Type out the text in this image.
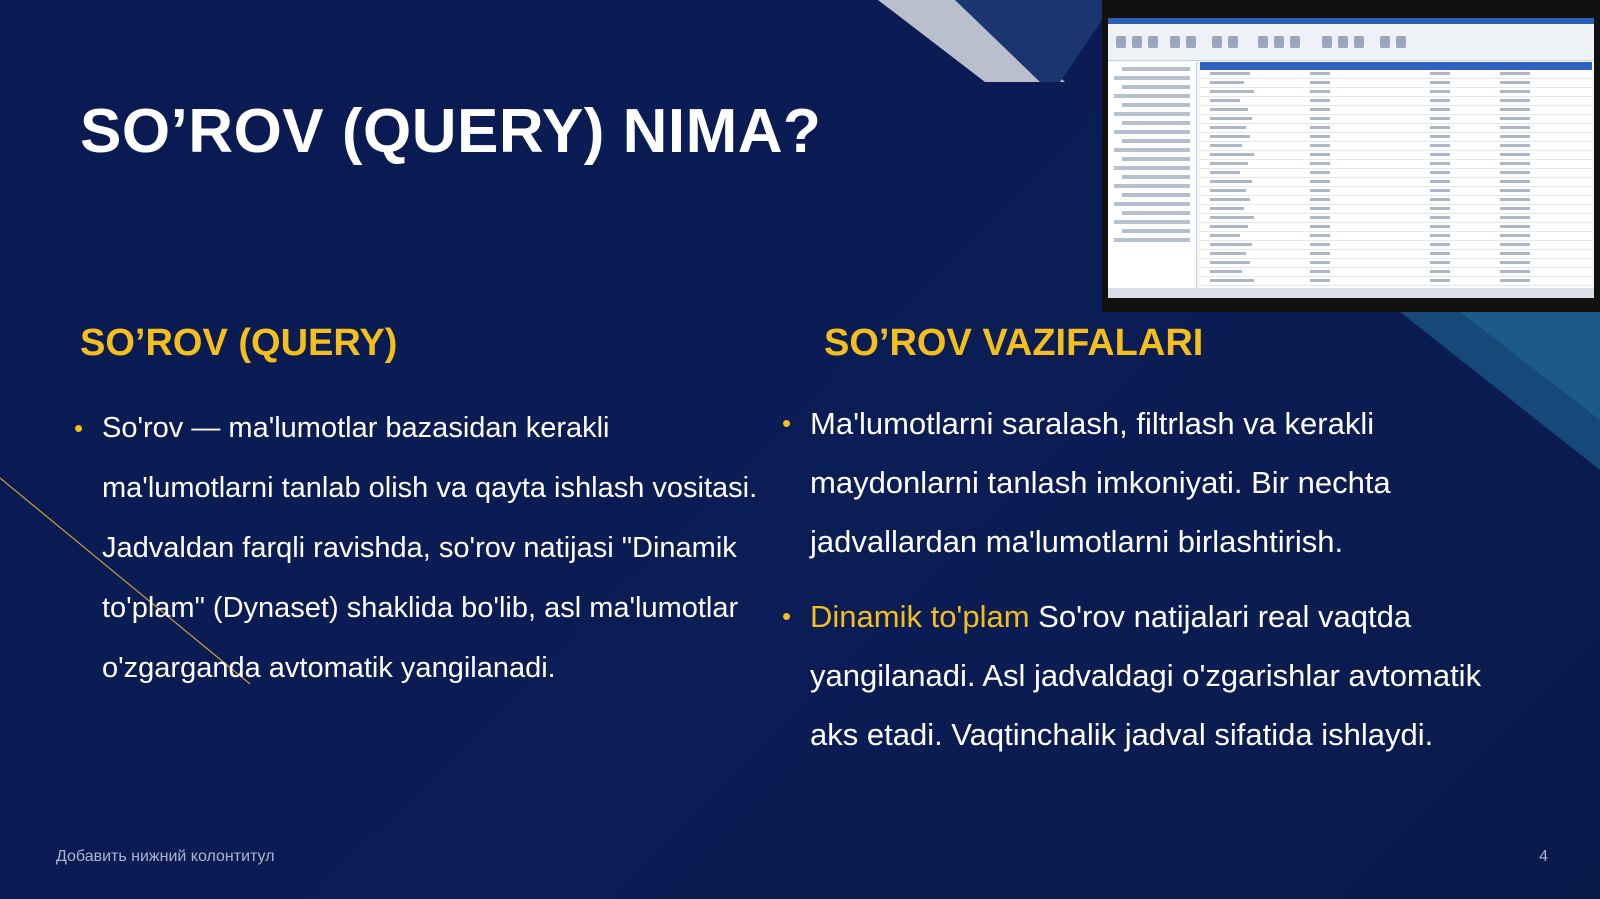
SO’ROV (QUERY) NIMA?
SO’ROV (QUERY)
• So'rov — ma'lumotlar bazasidan kerakli ma'lumotlarni tanlab olish va qayta ishlash vositasi. Jadvaldan farqli ravishda, so'rov natijasi "Dinamik to'plam" (Dynaset) shaklida bo'lib, asl ma'lumotlar o'zgarganda avtomatik yangilanadi.
SO’ROV VAZIFALARI
• Ma'lumotlarni saralash, filtrlash va kerakli maydonlarni tanlash imkoniyati. Bir nechta jadvallardan ma'lumotlarni birlashtirish.
• Dinamik to'plam So'rov natijalari real vaqtda yangilanadi. Asl jadvaldagi o'zgarishlar avtomatik aks etadi. Vaqtinchalik jadval sifatida ishlaydi.
Добавить нижний колонтитул	4
